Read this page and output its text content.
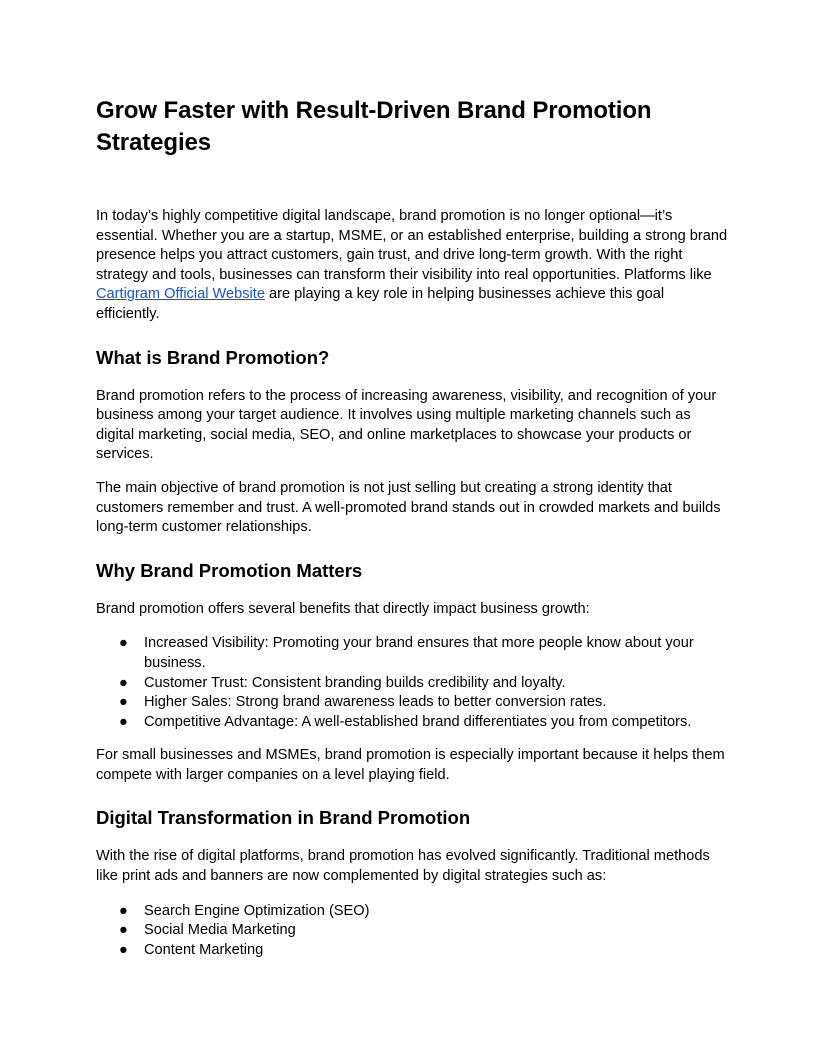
Grow Faster with Result-Driven Brand Promotion Strategies

In today’s highly competitive digital landscape, brand promotion is no longer optional—it’s essential. Whether you are a startup, MSME, or an established enterprise, building a strong brand presence helps you attract customers, gain trust, and drive long-term growth. With the right strategy and tools, businesses can transform their visibility into real opportunities. Platforms like Cartigram Official Website are playing a key role in helping businesses achieve this goal efficiently.

What is Brand Promotion?

Brand promotion refers to the process of increasing awareness, visibility, and recognition of your business among your target audience. It involves using multiple marketing channels such as digital marketing, social media, SEO, and online marketplaces to showcase your products or services.

The main objective of brand promotion is not just selling but creating a strong identity that customers remember and trust. A well-promoted brand stands out in crowded markets and builds long-term customer relationships.

Why Brand Promotion Matters

Brand promotion offers several benefits that directly impact business growth:

● Increased Visibility: Promoting your brand ensures that more people know about your business.
● Customer Trust: Consistent branding builds credibility and loyalty.
● Higher Sales: Strong brand awareness leads to better conversion rates.
● Competitive Advantage: A well-established brand differentiates you from competitors.

For small businesses and MSMEs, brand promotion is especially important because it helps them compete with larger companies on a level playing field.

Digital Transformation in Brand Promotion

With the rise of digital platforms, brand promotion has evolved significantly. Traditional methods like print ads and banners are now complemented by digital strategies such as:

● Search Engine Optimization (SEO)
● Social Media Marketing
● Content Marketing
